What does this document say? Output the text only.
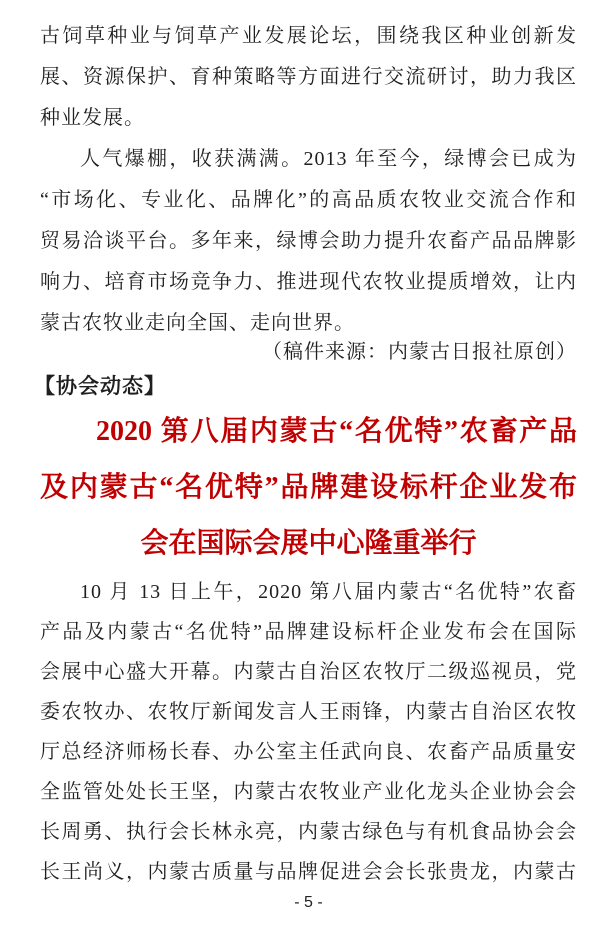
古饲草种业与饲草产业发展论坛，围绕我区种业创新发
展、资源保护、育种策略等方面进行交流研讨，助力我区
种业发展。
人气爆棚，收获满满。2013 年至今，绿博会已成为
“市场化、专业化、品牌化”的高品质农牧业交流合作和
贸易洽谈平台。多年来，绿博会助力提升农畜产品品牌影
响力、培育市场竞争力、推进现代农牧业提质增效，让内
蒙古农牧业走向全国、走向世界。
（稿件来源：内蒙古日报社原创）
【协会动态】
2020 第八届内蒙古“名优特”农畜产品
及内蒙古“名优特”品牌建设标杆企业发布
会在国际会展中心隆重举行
10 月 13 日上午，2020 第八届内蒙古“名优特”农畜
产品及内蒙古“名优特”品牌建设标杆企业发布会在国际
会展中心盛大开幕。内蒙古自治区农牧厅二级巡视员，党
委农牧办、农牧厅新闻发言人王雨锋，内蒙古自治区农牧
厅总经济师杨长春、办公室主任武向良、农畜产品质量安
全监管处处长王坚，内蒙古农牧业产业化龙头企业协会会
长周勇、执行会长林永亮，内蒙古绿色与有机食品协会会
长王尚义，内蒙古质量与品牌促进会会长张贵龙，内蒙古
- 5 -
